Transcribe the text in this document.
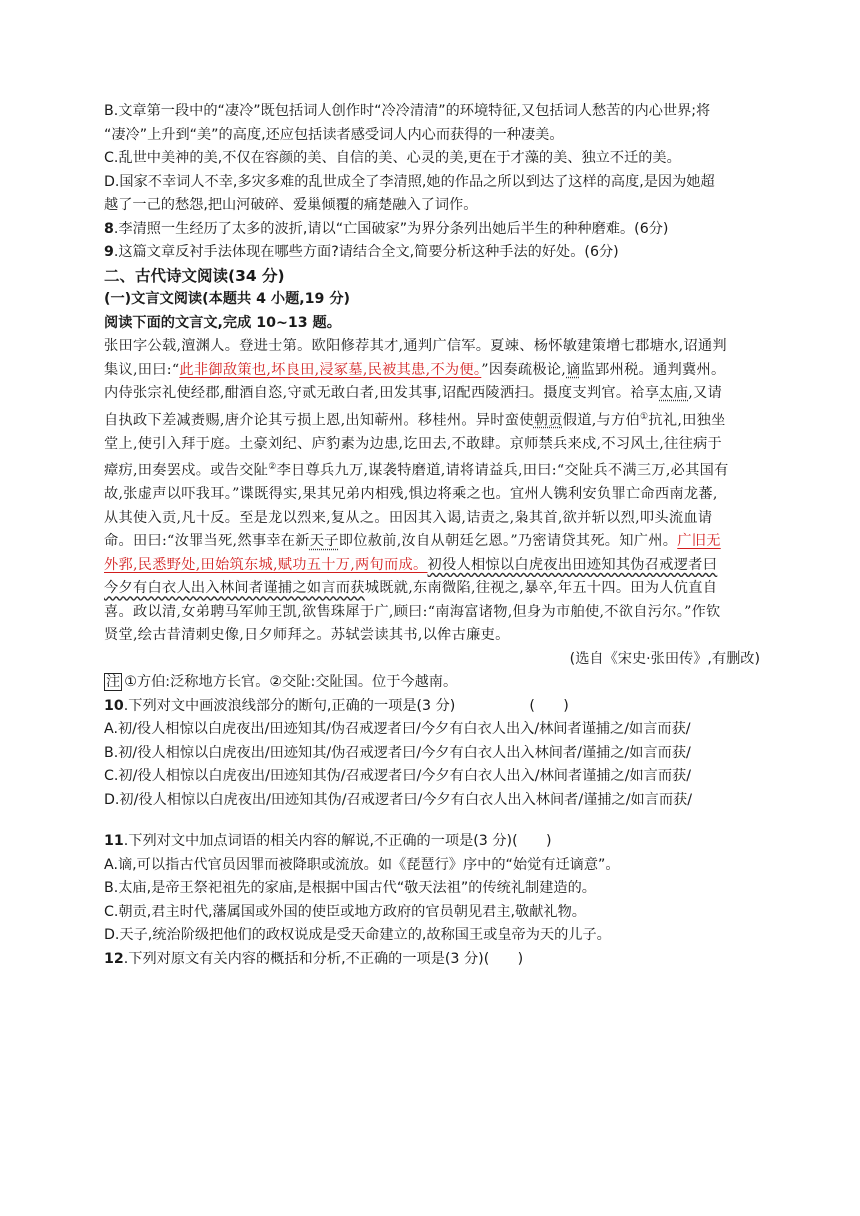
B.文章第一段中的“凄冷”既包括词人创作时“冷冷清清”的环境特征,又包括词人愁苦的内心世界;将
“凄冷”上升到“美”的高度,还应包括读者感受词人内心而获得的一种凄美。
C.乱世中美神的美,不仅在容颜的美、自信的美、心灵的美,更在于才藻的美、独立不迁的美。
D.国家不幸词人不幸,多灾多难的乱世成全了李清照,她的作品之所以到达了这样的高度,是因为她超
越了一己的愁怨,把山河破碎、爱巢倾覆的痛楚融入了词作。
8.李清照一生经历了太多的波折,请以“亡国破家”为界分条列出她后半生的种种磨难。(6分)
9.这篇文章反衬手法体现在哪些方面?请结合全文,简要分析这种手法的好处。(6分)
二、古代诗文阅读(34 分)
(一)文言文阅读(本题共 4 小题,19 分)
阅读下面的文言文,完成 10~13 题。
张田字公载,澶渊人。登进士第。欧阳修荐其才,通判广信军。夏竦、杨怀敏建策增七郡塘水,诏通判
集议,田曰:“此非御敌策也,坏良田,浸冢墓,民被其患,不为便。”因奏疏极论,谪监郢州税。通判冀州。
内侍张宗礼使经郡,酣酒自恣,守贰无敢白者,田发其事,诏配西陵洒扫。摄度支判官。祫享太庙,又请
自执政下差减赉赐,唐介论其亏损上恩,出知蕲州。移桂州。异时蛮使朝贡假道,与方伯①抗礼,田独坐
堂上,使引入拜于庭。土豪刘纪、庐豹素为边患,讫田去,不敢肆。京师禁兵来戍,不习风土,往往病于
瘴疠,田奏罢戍。或告交阯②李日尊兵九万,谋袭特磨道,请将请益兵,田曰:“交阯兵不满三万,必其国有
故,张虚声以吓我耳。”谍既得实,果其兄弟内相残,惧边将乘之也。宜州人镌利安负罪亡命西南龙蕃,
从其使入贡,凡十反。至是龙以烈来,复从之。田因其入谒,诘责之,枭其首,欲并斩以烈,叩头流血请
命。田曰:“汝罪当死,然事幸在新天子即位赦前,汝自从朝廷乞恩。”乃密请贷其死。知广州。广旧无
外郛,民悉野处,田始筑东城,赋功五十万,两旬而成。初役人相惊以白虎夜出田迹知其伪召戒逻者曰
今夕有白衣人出入林间者谨捕之如言而获城既就,东南微陷,往视之,暴卒,年五十四。田为人伉直自
喜。政以清,女弟聘马军帅王凯,欲售珠犀于广,顾曰:“南海富诸物,但身为市舶使,不欲自污尔。”作钦
贤堂,绘古昔清刺史像,日夕师拜之。苏轼尝读其书,以侔古廉吏。
(选自《宋史·张田传》,有删改)
注 ①方伯:泛称地方长官。②交阯:交阯国。位于今越南。
10.下列对文中画波浪线部分的断句,正确的一项是(3 分)	(　　)
A.初/役人相惊以白虎夜出/田迹知其/伪召戒逻者曰/今夕有白衣人出入/林间者谨捕之/如言而获/
B.初/役人相惊以白虎夜出/田迹知其/伪召戒逻者曰/今夕有白衣人出入林间者/谨捕之/如言而获/
C.初/役人相惊以白虎夜出/田迹知其伪/召戒逻者曰/今夕有白衣人出入/林间者谨捕之/如言而获/
D.初/役人相惊以白虎夜出/田迹知其伪/召戒逻者曰/今夕有白衣人出入林间者/谨捕之/如言而获/
11.下列对文中加点词语的相关内容的解说,不正确的一项是(3 分)(　　)
A.谪,可以指古代官员因罪而被降职或流放。如《琵琶行》序中的“始觉有迁谪意”。
B.太庙,是帝王祭祀祖先的家庙,是根据中国古代“敬天法祖”的传统礼制建造的。
C.朝贡,君主时代,藩属国或外国的使臣或地方政府的官员朝见君主,敬献礼物。
D.天子,统治阶级把他们的政权说成是受天命建立的,故称国王或皇帝为天的儿子。
12.下列对原文有关内容的概括和分析,不正确的一项是(3 分)(　　)
